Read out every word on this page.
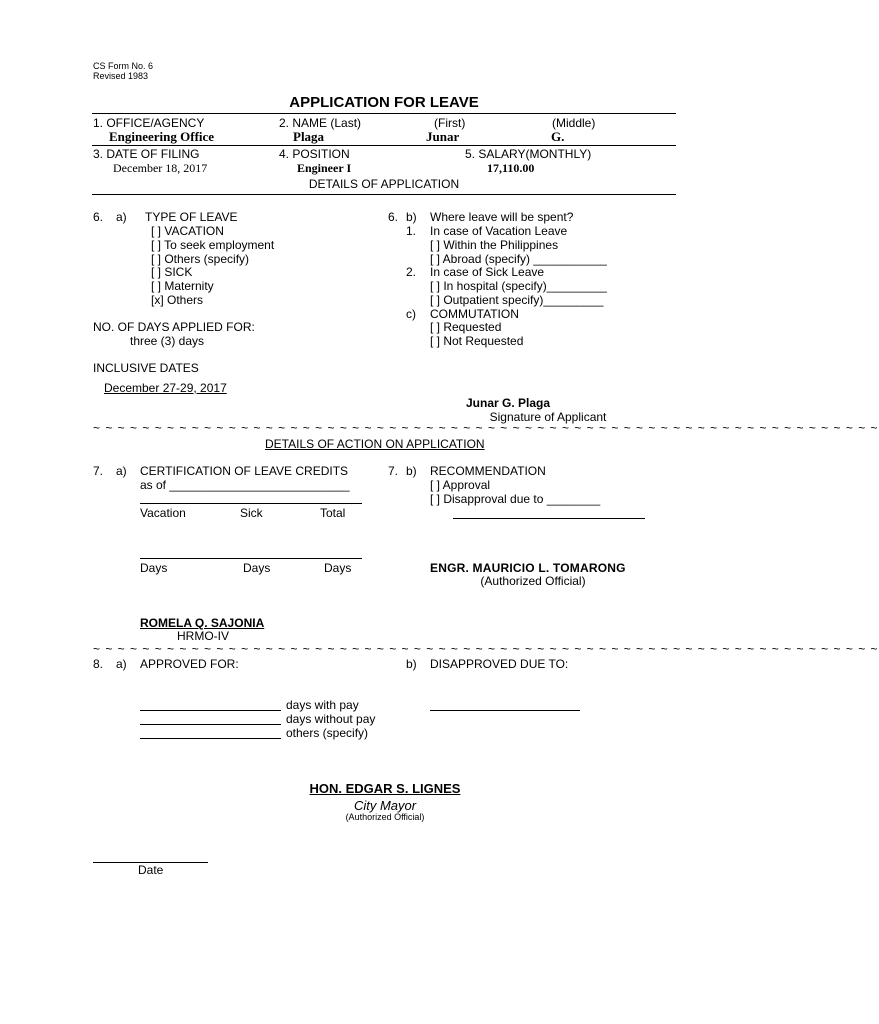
CS Form No. 6
Revised 1983
APPLICATION FOR LEAVE
1. OFFICE/AGENCY	2. NAME (Last)	(First)	(Middle)
Engineering Office	Plaga	Junar	G.
3. DATE OF FILING	4. POSITION	5. SALARY(MONTHLY)
December 18, 2017	Engineer I	17,110.00
DETAILS OF APPLICATION
6. a) TYPE OF LEAVE
[ ] VACATION
[ ] To seek employment
[ ] Others (specify)
[ ] SICK
[ ] Maternity
[x] Others
NO. OF DAYS APPLIED FOR:
three (3) days
INCLUSIVE DATES
December 27-29, 2017
6. b) Where leave will be spent?
1. In case of Vacation Leave
[ ] Within the Philippines
[ ] Abroad (specify) ___________
2. In case of Sick Leave
[ ] In hospital (specify)_________
[ ] Outpatient specify)_________
c) COMMUTATION
[ ] Requested
[ ] Not Requested
Junar G. Plaga
Signature of Applicant
~ ~ ~ ~ ~ ~ ~ ~ ~ ~ ~ ~ ~ ~ ~ ~ ~ ~ ~ ~ ~ ~ ~ ~ ~ ~ ~ ~ ~ ~ ~ ~ ~ ~ ~ ~ ~ ~ ~ ~ ~ ~ ~ ~ ~ ~ ~ ~ ~ ~ ~ ~ ~ ~ ~ ~ ~ ~ ~ ~ ~ ~ ~ ~
DETAILS OF ACTION ON APPLICATION
7. a) CERTIFICATION OF LEAVE CREDITS
as of ___________________________
Vacation	Sick	Total
Days	Days	Days
7. b) RECOMMENDATION
[ ] Approval
[ ] Disapproval due to ________
ENGR. MAURICIO L. TOMARONG
(Authorized Official)
ROMELA Q. SAJONIA
HRMO-IV
~ ~ ~ ~ ~ ~ ~ ~ ~ ~ ~ ~ ~ ~ ~ ~ ~ ~ ~ ~ ~ ~ ~ ~ ~ ~ ~ ~ ~ ~ ~ ~ ~ ~ ~ ~ ~ ~ ~ ~ ~ ~ ~ ~ ~ ~ ~ ~ ~ ~ ~ ~ ~ ~ ~ ~ ~ ~ ~ ~ ~ ~ ~ ~
8. a) APPROVED FOR:
days with pay
days without pay
others (specify)
b) DISAPPROVED DUE TO:
HON. EDGAR S. LIGNES
City Mayor
(Authorized Official)
Date
